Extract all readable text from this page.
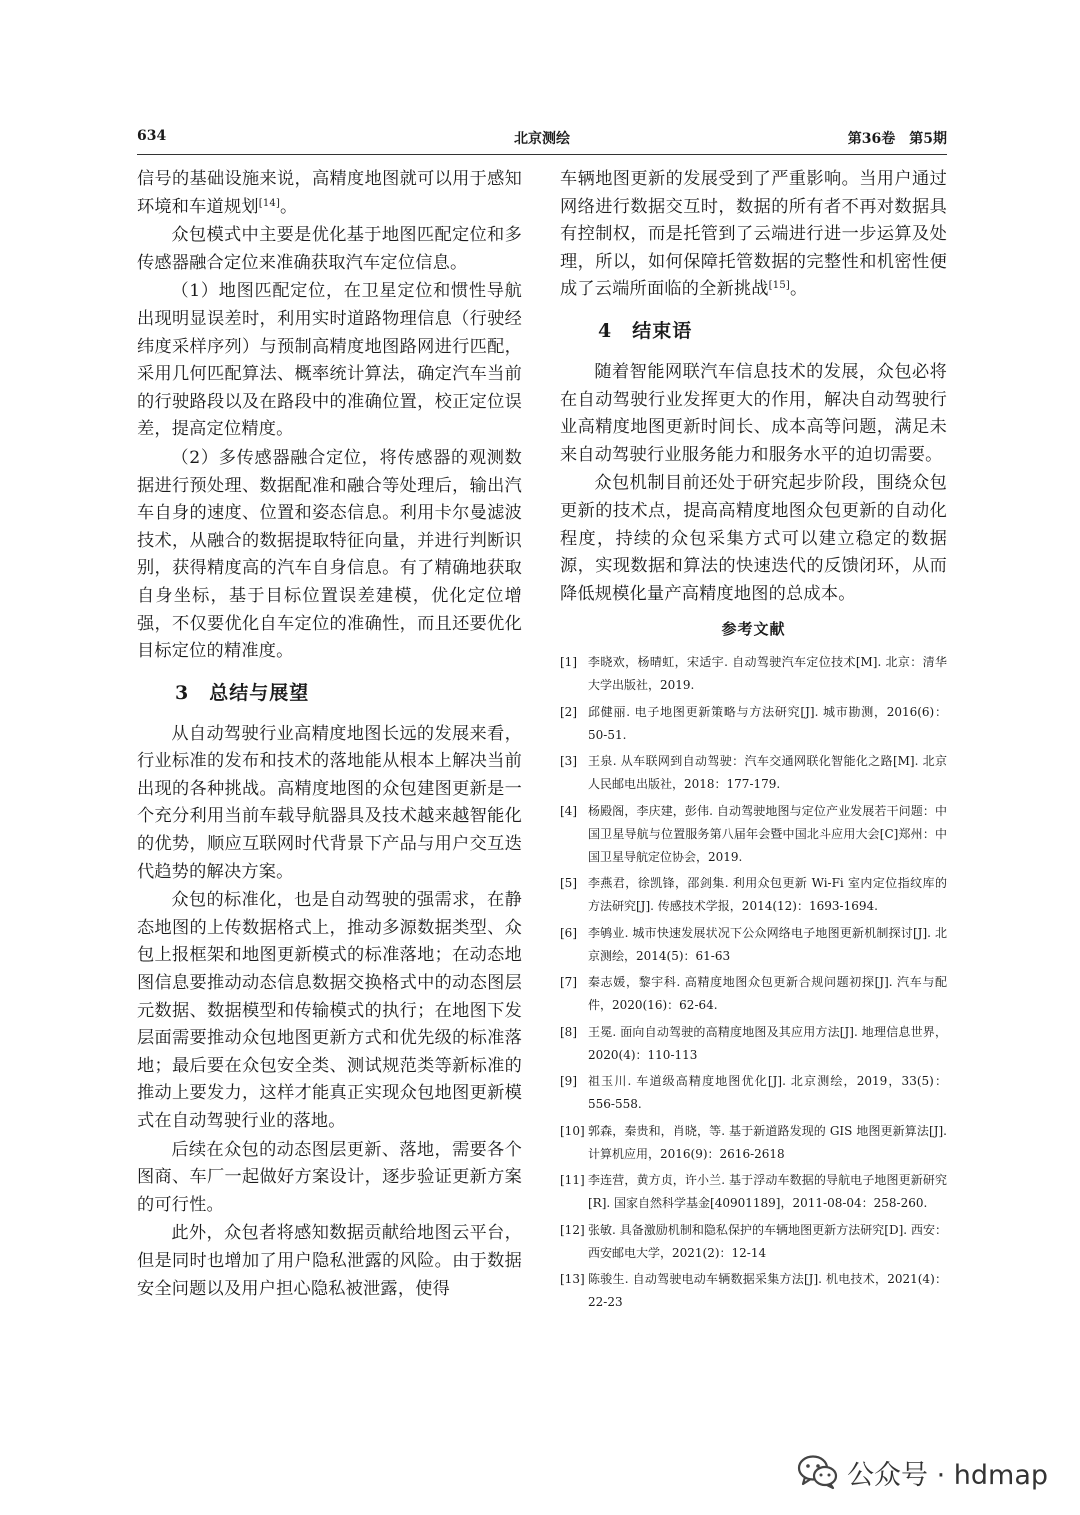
634	北京测绘	第36卷　第5期

信号的基础设施来说，高精度地图就可以用于感知环境和车道规划[14]。

众包模式中主要是优化基于地图匹配定位和多传感器融合定位来准确获取汽车定位信息。

（1）地图匹配定位，在卫星定位和惯性导航出现明显误差时，利用实时道路物理信息（行驶经纬度采样序列）与预制高精度地图路网进行匹配，采用几何匹配算法、概率统计算法，确定汽车当前的行驶路段以及在路段中的准确位置，校正定位误差，提高定位精度。

（2）多传感器融合定位，将传感器的观测数据进行预处理、数据配准和融合等处理后，输出汽车自身的速度、位置和姿态信息。利用卡尔曼滤波技术，从融合的数据提取特征向量，并进行判断识别，获得精度高的汽车自身信息。有了精确地获取自身坐标，基于目标位置误差建模，优化定位增强，不仅要优化自车定位的准确性，而且还要优化目标定位的精准度。

3 总结与展望

从自动驾驶行业高精度地图长远的发展来看，行业标准的发布和技术的落地能从根本上解决当前出现的各种挑战。高精度地图的众包建图更新是一个充分利用当前车载导航器具及技术越来越智能化的优势，顺应互联网时代背景下产品与用户交互迭代趋势的解决方案。

众包的标准化，也是自动驾驶的强需求，在静态地图的上传数据格式上，推动多源数据类型、众包上报框架和地图更新模式的标准落地；在动态地图信息要推动动态信息数据交换格式中的动态图层元数据、数据模型和传输模式的执行；在地图下发层面需要推动众包地图更新方式和优先级的标准落地；最后要在众包安全类、测试规范类等新标准的推动上要发力，这样才能真正实现众包地图更新模式在自动驾驶行业的落地。

后续在众包的动态图层更新、落地，需要各个图商、车厂一起做好方案设计，逐步验证更新方案的可行性。

此外，众包者将感知数据贡献给地图云平台，但是同时也增加了用户隐私泄露的风险。由于数据安全问题以及用户担心隐私被泄露，使得

车辆地图更新的发展受到了严重影响。当用户通过网络进行数据交互时，数据的所有者不再对数据具有控制权，而是托管到了云端进行进一步运算及处理，所以，如何保障托管数据的完整性和机密性便成了云端所面临的全新挑战[15]。

4 结束语

随着智能网联汽车信息技术的发展，众包必将在自动驾驶行业发挥更大的作用，解决自动驾驶行业高精度地图更新时间长、成本高等问题，满足未来自动驾驶行业服务能力和服务水平的迫切需要。

众包机制目前还处于研究起步阶段，围绕众包更新的技术点，提高高精度地图众包更新的自动化程度，持续的众包采集方式可以建立稳定的数据源，实现数据和算法的快速迭代的反馈闭环，从而降低规模化量产高精度地图的总成本。

参考文献
[1] 李晓欢，杨晴虹，宋适宇. 自动驾驶汽车定位技术[M]. 北京：清华大学出版社，2019.
[2] 邱健丽. 电子地图更新策略与方法研究[J]. 城市勘测，2016(6)：50-51.
[3] 王泉. 从车联网到自动驾驶：汽车交通网联化智能化之路[M]. 北京人民邮电出版社，2018：177-179.
[4] 杨殿阁，李庆建，彭伟. 自动驾驶地图与定位产业发展若干问题：中国卫星导航与位置服务第八届年会暨中国北斗应用大会[C]郑州：中国卫星导航定位协会，2019.
[5] 李燕君，徐凯锋，邵剑集. 利用众包更新 Wi-Fi 室内定位指纹库的方法研究[J]. 传感技术学报，2014(12)：1693-1694.
[6] 李鸲业. 城市快速发展状况下公众网络电子地图更新机制探讨[J]. 北京测绘，2014(5)：61-63
[7] 秦志媛，黎宇科. 高精度地图众包更新合规问题初探[J]. 汽车与配件，2020(16)：62-64.
[8] 王冕. 面向自动驾驶的高精度地图及其应用方法[J]. 地理信息世界，2020(4)：110-113
[9] 祖玉川. 车道级高精度地图优化[J]. 北京测绘，2019，33(5)：556-558.
[10] 郭森，秦贵和，肖晓，等. 基于新道路发现的 GIS 地图更新算法[J]. 计算机应用，2016(9)：2616-2618
[11] 李连营，黄方贞，许小兰. 基于浮动车数据的导航电子地图更新研究[R]. 国家自然科学基金[40901189]，2011-08-04：258-260.
[12] 张敏. 具备激励机制和隐私保护的车辆地图更新方法研究[D]. 西安：西安邮电大学，2021(2)：12-14
[13] 陈骏生. 自动驾驶电动车辆数据采集方法[J]. 机电技术，2021(4)：22-23
公众号 · hdmap
